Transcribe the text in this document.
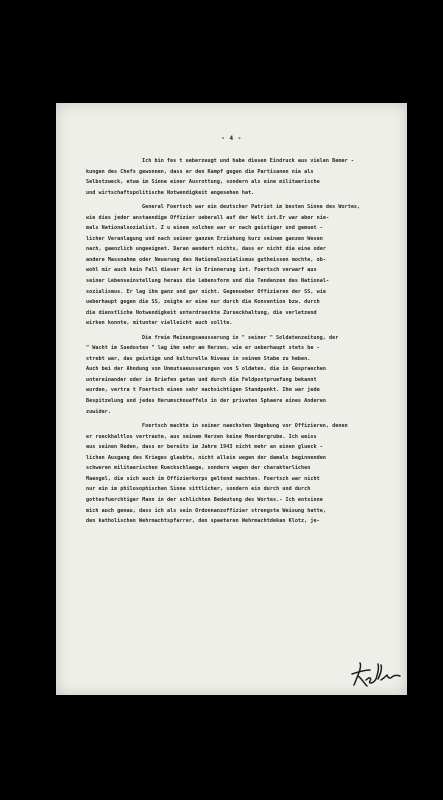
- 4 -
Ich bin fes t ueberzeugt und habe diesen Eindruck aus vielen Bemer -
kungen des Chefs gewonnen, dass er den Kampf gegen die Partisanen nie als
Selbstzweck, etwa im Sinne einer Ausrottung, sondern als eine militaerische
und wirtschaftspolitische Notwendigkeit angesehen hat.
General Foertsch war ein deutscher Patriot im besten Sinne des Wortes,
wie dies jeder anstaendige Offizier ueberall auf der Welt ist.Er war aber nie-
mals Nationalsozialist. Z u einem solchen war er nach geistiger und gemuet -
licher Veranlagung und nach seiner ganzen Erziehung kurz seinem ganzen Wesen
nach, gaenzlich ungeeignet. Daran aendert nichts, dass er nicht die eine oder
andere Massnahme oder Neuerung des Nationalsozialismus gutheissen mochte, ob-
wohl mir auch kein Fall dieser Art in Erinnerung ist. Foertsch verwarf aus
seiner Lebenseinstellung heraus die Lebensform und die Tendenzen des National-
sozialismus. Er lag ihm ganz und gar nicht. Gegenueber Offizieren der SS, wie
ueberhaupt gegen die SS, zeigte er eine nur durch die Konvention bzw. durch
die dienstliche Notwendigkeit unterdrueckte Zurueckhaltung, die verletzend
wirken konnte, mitunter vielleicht auch sollte.
Die freie Meinungsaeusserung in " seiner " Soldatenzeitung, der
" Wacht im Suedosten " lag ihm sehr am Herzen, wie er ueberhaupt stets be -
strebt war, das geistige und kulturelle Niveau in seinem Stabe zu heben.
Auch bei der Ahndung von Unmutsaeusserungen von S oldaten, die in Gespraechen
untereinander oder in Briefen getan und durch die Feldpostpruefung bekannt
wurden, vertra t Foertsch einen sehr nachsichtigen Standpunkt. Ihm war jede
Bespitzelung und jedes Herumschnueffeln in der privaten Sphaere eines Anderen
zuwider.
Foertsch machte in seiner naechsten Umgebung vor Offizieren, denen
er rueckhaltlos vertraute, aus seinem Herzen keine Moerdergrube. Ich weiss
aus seinen Reden, dass er bereits im Jahre 1943 nicht mehr an einen glueck -
lichen Ausgang des Krieges glaubte, nicht allein wegen der damals beginnenden
schweren militaerischen Rueckschlaege, sondern wegen der charakterlichen
Maengel, die sich auch im Offizierkorps geltend machten. Foertsch war nicht
nur ein im philosophischen Sinne sittlicher, sondern ein durch und durch
gottesfuerchtiger Mann in der schlichten Bedeutung des Wortes.- Ich entsinne
mich auch genau, dass ich als sein Ordonnanzoffizier strengste Weisung hatte,
den katholischen Wehrmachtspfarrer, den spaeteren Wehrmachtdekan Klotz, je-
